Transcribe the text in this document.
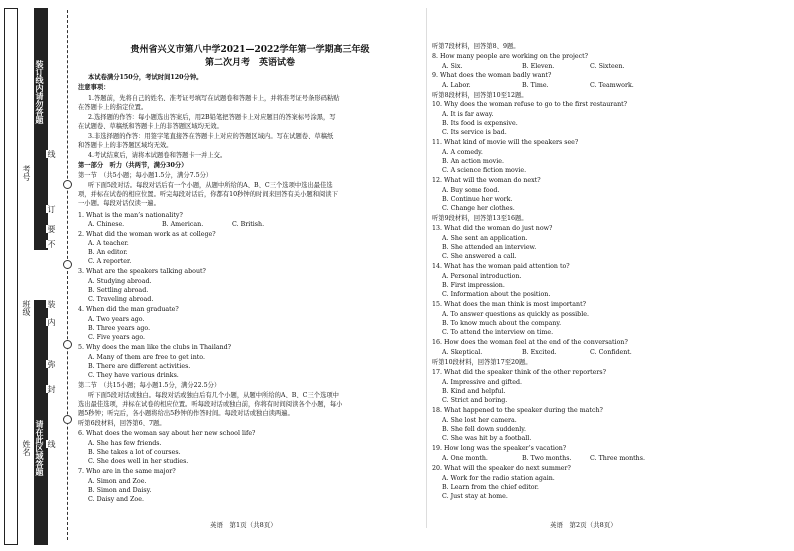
装订线内请勿答题
请在此区域答题
考号
班级
姓名
线
订
装
弥
封
不
要
内
线
贵州省兴义市第八中学2021—2022学年第一学期高三年级
第二次月考　英语试卷
本试卷满分150分，考试时间120分钟。
注意事项：
1.答题前，先将自己的姓名、准考证号填写在试题卷和答题卡上，并将准考证号条形码粘贴
在答题卡上的指定位置。
2.选择题的作答：每小题选出答案后，用2B铅笔把答题卡上对应题目的答案标号涂黑，写
在试题卷、草稿纸和答题卡上的非答题区域均无效。
3.非选择题的作答：用签字笔直接答在答题卡上对应的答题区域内。写在试题卷、草稿纸
和答题卡上的非答题区域均无效。
4.考试结束后，请将本试题卷和答题卡一并上交。
第一部分　听力（共两节，满分30分）
第一节　（共5小题；每小题1.5分，满分7.5分）
听下面5段对话。每段对话后有一个小题，从题中所给的A、B、C三个选项中选出最佳选
项，并标在试卷的相应位置。听完每段对话后，你都有10秒钟的时间来回答有关小题和阅读下
一小题。每段对话仅读一遍。
1. What is the man’s nationality?
A. Chinese.	B. American.	C. British.
2. What did the woman work as at college?
A. A teacher.
B. An editor.
C. A reporter.
3. What are the speakers talking about?
A. Studying abroad.
B. Settling abroad.
C. Traveling abroad.
4. When did the man graduate?
A. Two years ago.
B. Three years ago.
C. Five years ago.
5. Why does the man like the clubs in Thailand?
A. Many of them are free to get into.
B. There are different activities.
C. They have various drinks.
第二节　（共15小题；每小题1.5分，满分22.5分）
听下面5段对话或独白。每段对话或独白后有几个小题，从题中所给的A、B、C三个选项中
选出最佳选项，并标在试卷的相应位置。听每段对话或独白前，你将有时间阅读各个小题，每小
题5秒钟；听完后，各小题将给出5秒钟的作答时间。每段对话或独白读两遍。
听第6段材料，回答第6、7题。
6. What does the woman say about her new school life?
A. She has few friends.
B. She takes a lot of courses.
C. She does well in her studies.
7. Who are in the same major?
A. Simon and Zoe.
B. Simon and Daisy.
C. Daisy and Zoe.
英语　第1页（共8页）
听第7段材料，回答第8、9题。
8. How many people are working on the project?
A. Six.	B. Eleven.	C. Sixteen.
9. What does the woman badly want?
A. Labor.	B. Time.	C. Teamwork.
听第8段材料，回答第10至12题。
10. Why does the woman refuse to go to the first restaurant?
A. It is far away.
B. Its food is expensive.
C. Its service is bad.
11. What kind of movie will the speakers see?
A. A comedy.
B. An action movie.
C. A science fiction movie.
12. What will the woman do next?
A. Buy some food.
B. Continue her work.
C. Change her clothes.
听第9段材料，回答第13至16题。
13. What did the woman do just now?
A. She sent an application.
B. She attended an interview.
C. She answered a call.
14. What has the woman paid attention to?
A. Personal introduction.
B. First impression.
C. Information about the position.
15. What does the man think is most important?
A. To answer questions as quickly as possible.
B. To know much about the company.
C. To attend the interview on time.
16. How does the woman feel at the end of the conversation?
A. Skeptical.	B. Excited.	C. Confident.
听第10段材料，回答第17至20题。
17. What did the speaker think of the other reporters?
A. Impressive and gifted.
B. Kind and helpful.
C. Strict and boring.
18. What happened to the speaker during the match?
A. She lost her camera.
B. She fell down suddenly.
C. She was hit by a football.
19. How long was the speaker’s vacation?
A. One month.	B. Two months.	C. Three months.
20. What will the speaker do next summer?
A. Work for the radio station again.
B. Learn from the chief editor.
C. Just stay at home.
英语　第2页（共8页）
